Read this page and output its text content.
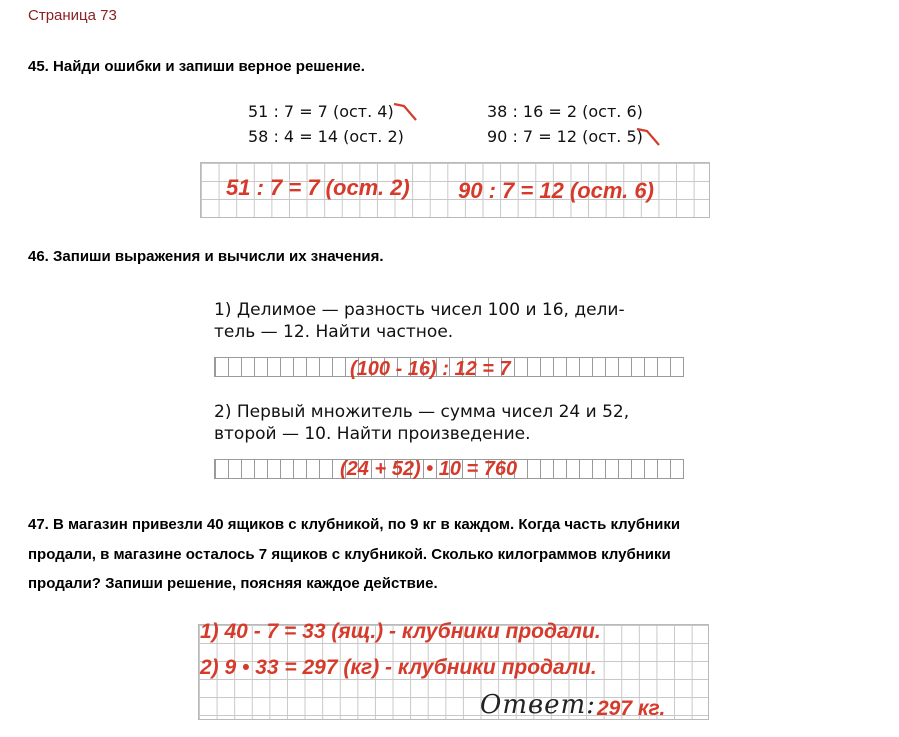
Страница 73
45. Найди ошибки и запиши верное решение.
51 : 7 = 7 (ост. 4)
58 : 4 = 14 (ост. 2)
38 : 16 = 2 (ост. 6)
90 : 7 = 12 (ост. 5)
51 : 7 = 7 (ост. 2) 90 : 7 = 12 (ост. 6)
46. Запиши выражения и вычисли их значения.
1) Делимое — разность чисел 100 и 16, дели-
тель — 12. Найти частное.
(100 - 16) : 12 = 7
2) Первый множитель — сумма чисел 24 и 52,
второй — 10. Найти произведение.
(24 + 52) • 10 = 760
47. В магазин привезли 40 ящиков с клубникой, по 9 кг в каждом. Когда часть клубники
продали, в магазине осталось 7 ящиков с клубникой. Сколько килограммов клубники
продали? Запиши решение, поясняя каждое действие.
1) 40 - 7 = 33 (ящ.) - клубники продали.
2) 9 • 33 = 297 (кг) - клубники продали.
Ответ: 297 кг.
